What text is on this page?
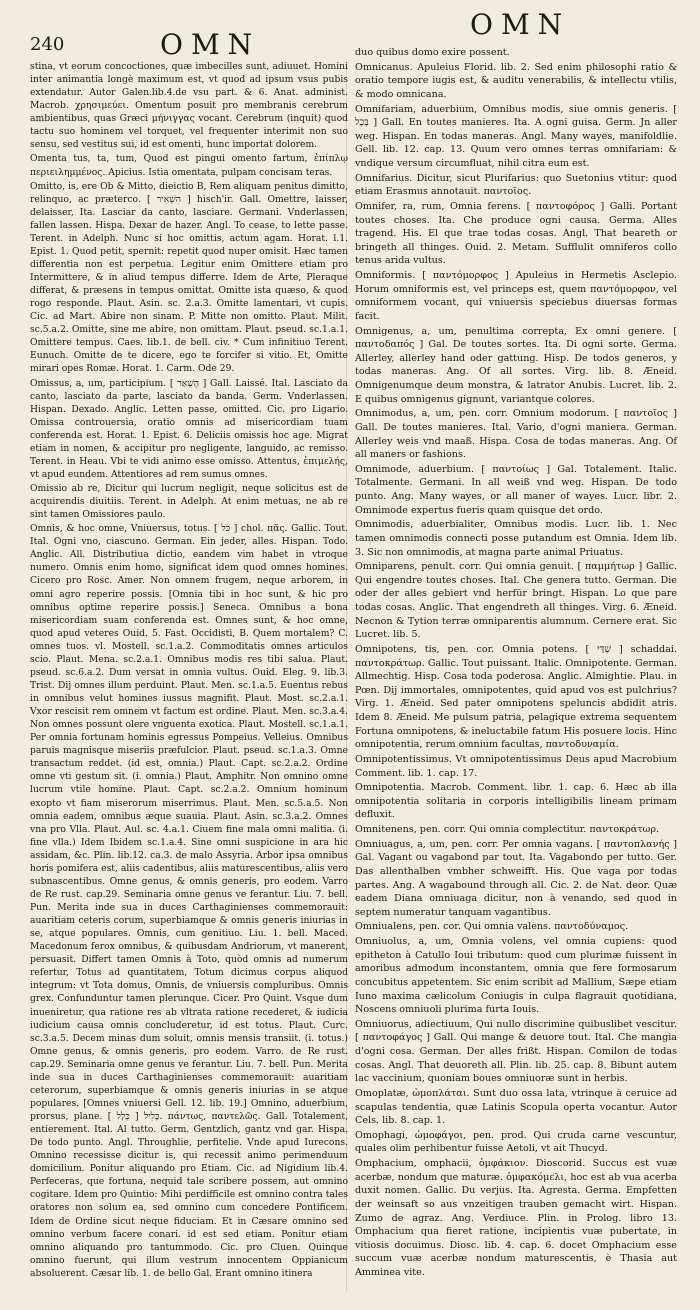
240	OMN
OMN

stina, vt eorum concoctiones, quæ imbecilles sunt, adiuuet. Homini inter animantia longè maximum est, vt quod ad ipsum vsus pubis extendatur. Autor Galen.lib.4.de vsu part. & 6. Anat. administ. Macrob. χρησιμεύει. Omentum posuit pro membranis cerebrum ambientibus, quas Græci μήνιγγας vocant. Cerebrum (inquit) quod tactu suo hominem vel torquet, vel frequenter interimit non suo sensu, sed vestitus sui, id est omenti, hunc importat dolorem.

Omenta tus, ta, tum, Quod est pingui omento fartum, ἐπίπλῳ περιειλημμένος. Apicius. Istia omentata, pulpam concisam teras.

Omitto, is, ere Ob & Mitto, dieictio B, Rem aliquam penitus dimitto, relinquo, ac præterco. [ הִשְׁאִיר ] hisch'ir. Gall. Omettre, laisser, delaisser, Ita. Lasciar da canto, lasciare. Germani. Vnderlassen, fallen lassen. Hispa. Dexar de hazer. Angl. To cease, to lette passe. Terent. in Adelph. Nunc si hoc omittis, actum agam. Horat. l.1. Epist. 1. Quod petit, spernit: repetit quod nuper omisit. Hæc tamen differentia non est perpetua. Legitur enim Omittere etiam pro Intermittere, & in aliud tempus differre. Idem de Arte, Pleraque differat, & præsens in tempus omittat. Omitte ista quæso, & quod rogo responde. Plaut. Asin. sc. 2.a.3. Omitte lamentari, vt cupis. Cic. ad Mart. Abire non sinam. P. Mitte non omitto. Plaut. Milit. sc.5.a.2. Omitte, sine me abire, non omittam. Plaut. pseud. sc.1.a.1. Omittere tempus. Caes. lib.1. de bell. civ. * Cum infinitiuo Terent. Eunuch. Omitte de te dicere, ego te forcifer si vitio. Et, Omitte mirari opes Romæ. Horat. 1. Carm. Ode 29.

Omissus, a, um, participium. [ הֻשְׁאַר ] Gall. Laissé. Ital. Lasciato da canto, lasciato da parte, lasciato da banda. Germ. Vnderlassen. Hispan. Dexado. Anglic. Letten passe, omitted. Cic. pro Ligario. Omissa controuersia, oratio omnis ad misericordiam tuam conferenda est. Horat. 1. Epist. 6. Deliciis omissis hoc age. Migrat etiam in nomen, & accipitur pro negligente, languido, ac remisso. Terent. in Heau. Vbi te vidi animo esse omisso. Attentus, ἐπιμελής, vt apud eundem. Attentiores ad rem sumus omnes.

Omissio ab re, Dicitur qui lucrum negligit, neque solicitus est de acquirendis diuitiis. Terent. in Adelph. At enim metuas, ne ab re sint tamen Omissiores paulo.

Omnis, & hoc omne, Vniuersus, totus. [ כֹּל ] chol. πᾶς. Gallic. Tout. Ital. Ogni vno, ciascuno. German. Ein jeder, alles. Hispan. Todo. Anglic. All. Distributiua dictio, eandem vim habet in vtroque numero. Omnis enim homo, significat idem quod omnes homines. Cicero pro Rosc. Amer. Non omnem frugem, neque arborem, in omni agro reperire possis. [Omnia tibi in hoc sunt, & hic pro omnibus optime reperire possis.] Seneca. Omnibus a bona misericordiam suam conferenda est. Omnes sunt, & hoc omne, quod apud veteres Ouid. 5. Fast. Occidisti, B. Quem mortalem? C. omnes tuos. vl. Mostell. sc.1.a.2. Commoditatis omnes articulos scio. Plaut. Mena. sc.2.a.1. Omnibus modis res tibi salua. Plaut. pseud. sc.6.a.2. Dum versat in omnia vultus. Ouid. Eleg. 9. lib.3. Trist. Dij omnes illum perduint. Plaut. Men. sc.1.a.5. Euentus rebus in omnibus velut homines iussus magnifit. Plaut. Most. sc.2.a.1. Vxor rescisit rem omnem vt factum est ordine. Plaut. Men. sc.3.a.4. Non omnes possunt olere vnguenta exotica. Plaut. Mostell. sc.1.a.1. Per omnia fortunam hominis egressus Pompeius. Velleius. Omnibus paruis magnisque miseriis præfulcior. Plaut. pseud. sc.1.a.3. Omne transactum reddet. (id est, omnia.) Plaut. Capt. sc.2.a.2. Ordine omne vti gestum sit. (i. omnia.) Plaut. Amphitr. Non omnino omne lucrum vtile homine. Plaut. Capt. sc.2.a.2. Omnium hominum exopto vt fiam miserorum miserrimus. Plaut. Men. sc.5.a.5. Non omnia eadem, omnibus æque suauia. Plaut. Asin. sc.3.a.2. Omnes vna pro Vlla. Plaut. Aul. sc. 4.a.1. Ciuem fine mala omni malitia. (i. fine vlla.) Idem Ibidem sc.1.a.4. Sine omni suspicione in ara hic assidam, &c. Plin. lib.12. ca.3. de malo Assyria. Arbor ipsa omnibus horis pomifera est, aliis cadentibus, aliis maturescentibus, aliis vero subnascentibus. Omne genus, & omnis generis, pro eodem. Varro de Re rust. cap.29. Seminaria omne genus ve ferantur. Liu. 7. bell. Pun. Merita inde sua in duces Carthaginienses commemorauit: auaritiam ceteris corum, superbiamque & omnis generis iniurias in se, atque populares. Omnis, cum genitiuo. Liu. 1. bell. Maced. Macedonum ferox omnibus, & quibusdam Andriorum, vt manerent, persuasit. Differt tamen Omnis à Toto, quòd omnis ad numerum refertur, Totus ad quantitatem, Totum dicimus corpus aliquod integrum: vt Tota domus, Omnis, de vniuersis compluribus. Omnis grex. Confunduntur tamen plerunque. Cicer. Pro Quint. Vsque dum inueniretur, qua ratione res ab vltrata ratione recederet, & iudicia iudicium causa omnis concluderetur, id est totus. Plaut. Curc. sc.3.a.5. Decem minas dum soluit, omnis mensis transiit. (i. totus.) Omne genus, & omnis generis, pro eodem. Varro. de Re rust. cap.29. Seminaria omne genus ve ferantur. Liu. 7. bell. Pun. Merita inde sua in duces Carthaginienses commemorauit: auaritiam ceterorum, superbiamque & omnis generis iniurias in se atque populares. [Omnes vniuersi Gell. 12. lib. 19.] Omnino, aduerbium, prorsus, plane. [ כְּלָל ] כָּלִיל. πάντως, παντελῶς. Gall. Totalement, entierement. Ital. Al tutto. Germ. Gentzlich, gantz vnd gar. Hispa. De todo punto. Angl. Throughlie, perfitelie. Vnde apud Iurecons. Omnino recessisse dicitur is, qui recessit animo perimenduum domicilium. Ponitur aliquando pro Etiam. Cic. ad Nigidium lib.4. Perfeceras, que fortuna, nequid tale scribere possem, aut omnino cogitare. Idem pro Quintio: Mihi perdifficile est omnino contra tales oratores non solum ea, sed omnino cum concedere Pontificem. Idem de Ordine sicut neque fiduciam. Et in Cæsare omnino sed omnino verbum facere conari. id est sed etiam. Ponitur etiam omnino aliquando pro tantummodo. Cic. pro Cluen. Quinque omnino fuerunt, qui illum vestrum innocentem Oppianicum absoluerent. Cæsar lib. 1. de bello Gal. Erant omnino itinera

duo quibus domo exire possent.

Omnicanus. Apuleius Florid. lib. 2. Sed enim philosophi ratio & oratio tempore iugis est, & auditu venerabilis, & intellectu vtilis, & modo omnicana.

Omnifariam, aduerbium, Omnibus modis, siue omnis generis. [ בְּכָל ] Gall. En toutes manieres. Ita. A ogni guisa. Germ. Jn aller weg. Hispan. En todas maneras. Angl. Many wayes, manifoldlie. Gell. lib. 12. cap. 13. Quum vero omnes terras omnifariam: & vndique versum circumfluat, nihil citra eum est.

Omnifarius. Dicitur, sicut Plurifarius: quo Suetonius vtitur: quod etiam Erasmus annotauit. παντοῖος.

Omnifer, ra, rum, Omnia ferens. [ παντοφόρος ] Galli. Portant toutes choses. Ita. Che produce ogni causa. Germa. Alles tragend. His. El que trae todas cosas. Angl. That beareth or bringeth all thinges. Ouid. 2. Metam. Sufflulit omniferos collo tenus arida vultus.

Omniformis. [ παντόμορφος ] Apuleius in Hermetis Asclepio. Horum omniformis est, vel princeps est, quem παντόμορφον, vel omniformem vocant, qui vniuersis speciebus diuersas formas facit.

Omnigenus, a, um, penultima correpta, Ex omni genere. [ παντοδαπός ] Gal. De toutes sortes. Ita. Di ogni sorte. Germa. Allerley, allerley hand oder gattung. Hisp. De todos generos, y todas maneras. Ang. Of all sortes. Virg. lib. 8. Æneid. Omnigenumque deum monstra, & latrator Anubis. Lucret. lib. 2. E quibus omnigenus gignunt, variantque colores.

Omnimodus, a, um, pen. corr. Omnium modorum. [ παντοῖος ] Gall. De toutes manieres. Ital. Vario, d'ogni maniera. German. Allerley weis vnd maaß. Hispa. Cosa de todas maneras. Ang. Of all maners or fashions.

Omnimode, aduerbium. [ παντοίως ] Gal. Totalement. Italic. Totalmente. Germani. In all weiß vnd weg. Hispan. De todo punto. Ang. Many wayes, or all maner of wayes. Lucr. libr. 2. Omnimode expertus fueris quam quisque det ordo.

Omnimodis, aduerbialiter, Omnibus modis. Lucr. lib. 1. Nec tamen omnimodis connecti posse putandum est Omnia. Idem lib. 3. Sic non omnimodis, at magna parte animal Priuatus.

Omniparens, penult. corr. Qui omnia genuit. [ παμμήτωρ ] Gallic. Qui engendre toutes choses. Ital. Che genera tutto. German. Die oder der alles gebiert vnd herfür bringt. Hispan. Lo que pare todas cosas. Anglic. That engendreth all thinges. Virg. 6. Æneid. Necnon & Tytion terræ omniparentis alumnum. Cernere erat. Sic Lucret. lib. 5.

Omnipotens, tis, pen. cor. Omnia potens. [ שַׁדַּי ] schaddai. παντοκράτωρ. Gallic. Tout puissant. Italic. Omnipotente. German. Allmechtig. Hisp. Cosa toda poderosa. Anglic. Almightie. Plau. in Pœn. Dij immortales, omnipotentes, quid apud vos est pulchrius? Virg. 1. Æneid. Sed pater omnipotens speluncis abdidit atris. Idem 8. Æneid. Me pulsum patria, pelagique extrema sequentem Fortuna omnipotens, & ineluctabile fatum His posuere locis. Hinc omnipotentia, rerum omnium facultas, παντοδυναμία.

Omnipotentissimus. Vt omnipotentissimus Deus apud Macrobium Comment. lib. 1. cap. 17.

Omnipotentia. Macrob. Comment. libr. 1. cap. 6. Hæc ab illa omnipotentia solitaria in corporis intelligibilis lineam primam defluxit.

Omnitenens, pen. corr. Qui omnia complectitur. παντοκράτωρ.

Omniuagus, a, um, pen. corr. Per omnia vagans. [ παντοπλανής ] Gal. Vagant ou vagabond par tout. Ita. Vagabondo per tutto. Ger. Das allenthalben vmbher schweifft. His. Que vaga por todas partes. Ang. A wagabound through all. Cic. 2. de Nat. deor. Quæ eadem Diana omniuaga dicitur, non à venando, sed quod in septem numeratur tanquam vagantibus.

Omniualens, pen. cor. Qui omnia valens. παντοδύναμος.

Omniuolus, a, um, Omnia volens, vel omnia cupiens: quod epitheton à Catullo Ioui tributum: quod cum plurimæ fuissent in amoribus admodum inconstantem, omnia que fere formosarum concubitus appetentem. Sic enim scribit ad Mallium, Sæpe etiam Iuno maxima cælicolum Coniugis in culpa flagrauit quotidiana, Noscens omniuoli plurima furta Iouis.

Omniuorus, adiectiuum, Qui nullo discrimine quibuslibet vescitur. [ παντοφάγος ] Gall. Qui mange & deuore tout. Ital. Che mangia d'ogni cosa. German. Der alles frißt. Hispan. Comilon de todas cosas. Angl. That deuoreth all. Plin. lib. 25. cap. 8. Bibunt autem lac vaccinium, quoniam boues omniuoræ sunt in herbis.

Omoplatæ, ὠμοπλάται. Sunt duo ossa lata, vtrinque à ceruice ad scapulas tendentia, quæ Latinis Scopula operta vocantur. Autor Cels. lib. 8. cap. 1.

Omophagi, ὠμοφάγοι, pen. prod. Qui cruda carne vescuntur, quales olim perhibentur fuisse Aetoli, vt ait Thucyd.

Omphacium, omphacii, ὀμφάκιον. Dioscorid. Succus est vuæ acerbæ, nondum que maturæ. ὀμφακόμελι, hoc est ab vua acerba duxit nomen. Gallic. Du verjus. Ita. Agresta. Germa. Empfetten der weinsaft so aus vnzeitigen trauben gemacht wirt. Hispan. Zumo de agraz. Ang. Verdiuce. Plin. in Prolog. libro 13. Omphacium qua fieret ratione, incipientis vuæ pubertate, in vitiosis docuimus. Diosc. lib. 4. cap. 6. docet Omphacium esse succum vuæ acerbæ nondum maturescentis, è Thasia aut Amminea vite.
